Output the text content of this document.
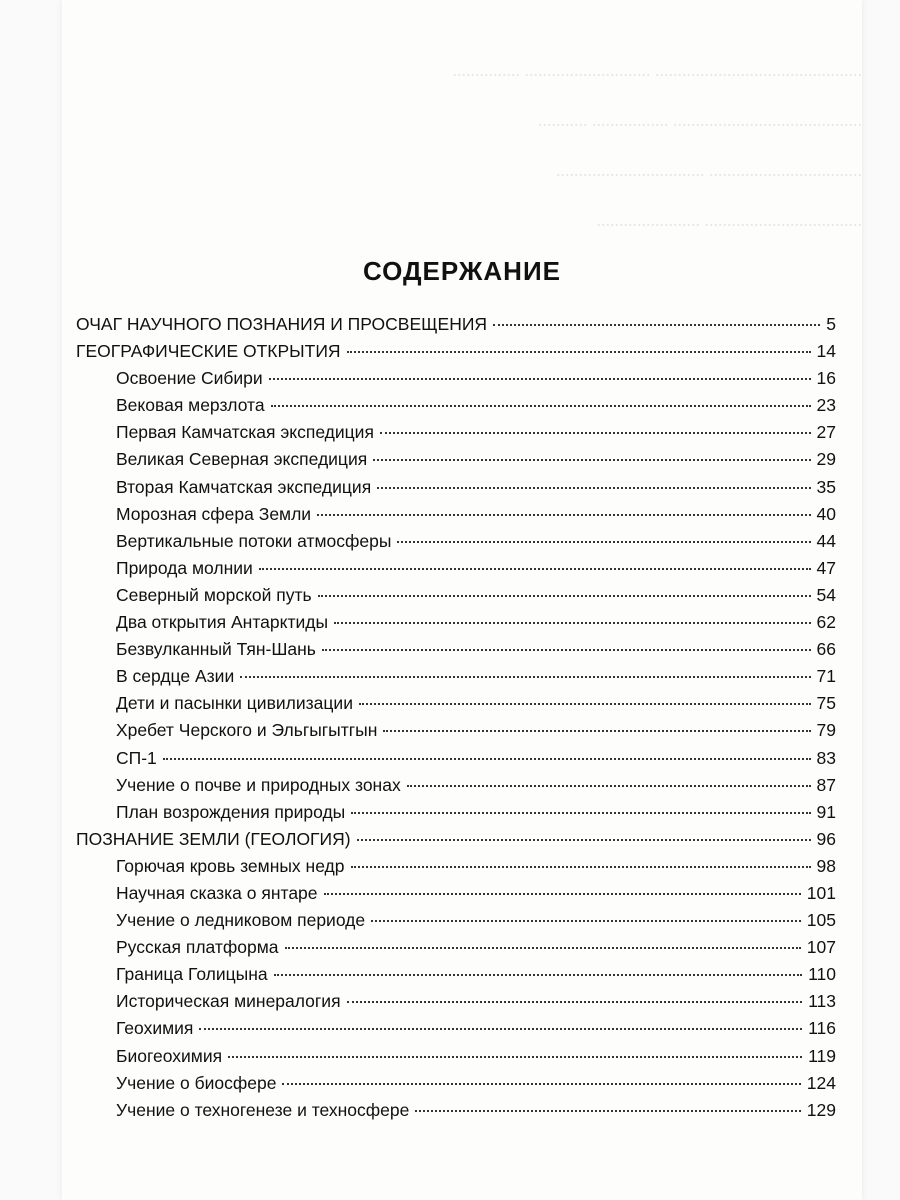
.............................................. ............................ ...............
.......................................... ................. ...........
.................................. .................................
................................... .......................
СОДЕРЖАНИЕ
ОЧАГ НАУЧНОГО ПОЗНАНИЯ И ПРОСВЕЩЕНИЯ	5
ГЕОГРАФИЧЕСКИЕ ОТКРЫТИЯ	14
Освоение Сибири	16
Вековая мерзлота	23
Первая Камчатская экспедиция	27
Великая Северная экспедиция	29
Вторая Камчатская экспедиция	35
Морозная сфера Земли	40
Вертикальные потоки атмосферы	44
Природа молнии	47
Северный морской путь	54
Два открытия Антарктиды	62
Безвулканный Тян-Шань	66
В сердце Азии	71
Дети и пасынки цивилизации	75
Хребет Черского и Эльгыгытгын	79
СП-1	83
Учение о почве и природных зонах	87
План возрождения природы	91
ПОЗНАНИЕ ЗЕМЛИ (ГЕОЛОГИЯ)	96
Горючая кровь земных недр	98
Научная сказка о янтаре	101
Учение о ледниковом периоде	105
Русская платформа	107
Граница Голицына	110
Историческая минералогия	113
Геохимия	116
Биогеохимия	119
Учение о биосфере	124
Учение о техногенезе и техносфере	129
